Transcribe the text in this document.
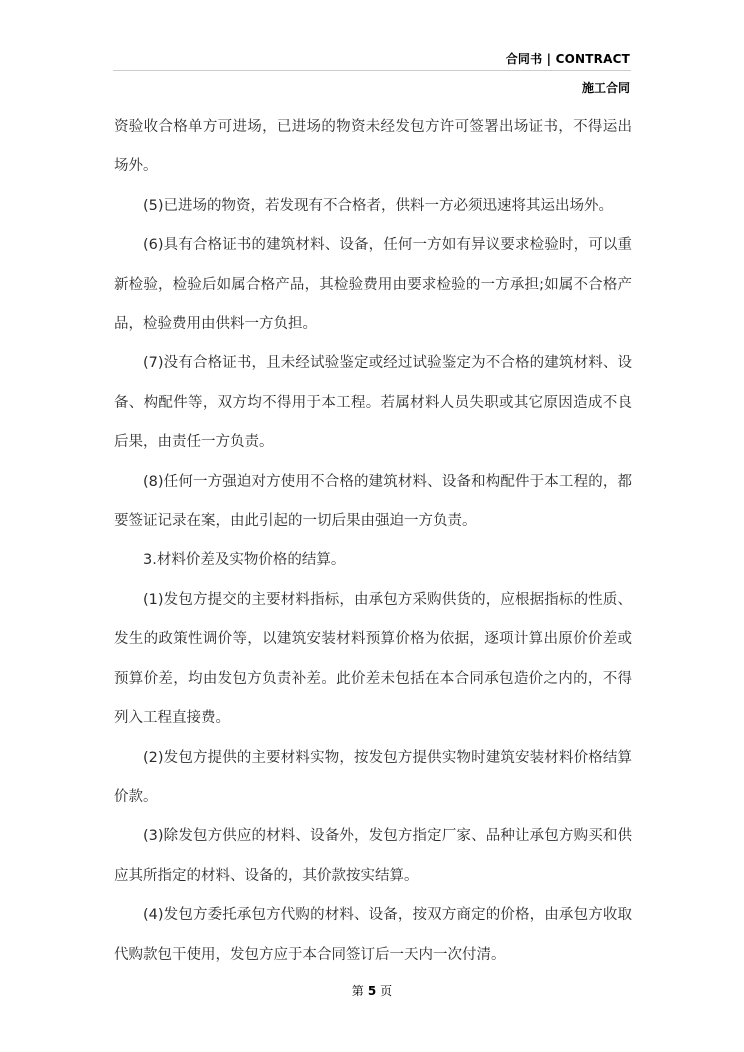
合同书 | CONTRACT
施工合同

资验收合格单方可进场，已进场的物资未经发包方许可签署出场证书，不得运出场外。

(5)已进场的物资，若发现有不合格者，供料一方必须迅速将其运出场外。

(6)具有合格证书的建筑材料、设备，任何一方如有异议要求检验时，可以重新检验，检验后如属合格产品，其检验费用由要求检验的一方承担;如属不合格产品，检验费用由供料一方负担。

(7)没有合格证书，且未经试验鉴定或经过试验鉴定为不合格的建筑材料、设备、构配件等，双方均不得用于本工程。若属材料人员失职或其它原因造成不良后果，由责任一方负责。

(8)任何一方强迫对方使用不合格的建筑材料、设备和构配件于本工程的，都要签证记录在案，由此引起的一切后果由强迫一方负责。

3.材料价差及实物价格的结算。

(1)发包方提交的主要材料指标，由承包方采购供货的，应根据指标的性质、发生的政策性调价等，以建筑安装材料预算价格为依据，逐项计算出原价价差或预算价差，均由发包方负责补差。此价差未包括在本合同承包造价之内的，不得列入工程直接费。

(2)发包方提供的主要材料实物，按发包方提供实物时建筑安装材料价格结算价款。

(3)除发包方供应的材料、设备外，发包方指定厂家、品种让承包方购买和供应其所指定的材料、设备的，其价款按实结算。

(4)发包方委托承包方代购的材料、设备，按双方商定的价格，由承包方收取代购款包干使用，发包方应于本合同签订后一天内一次付清。

第 5 页
